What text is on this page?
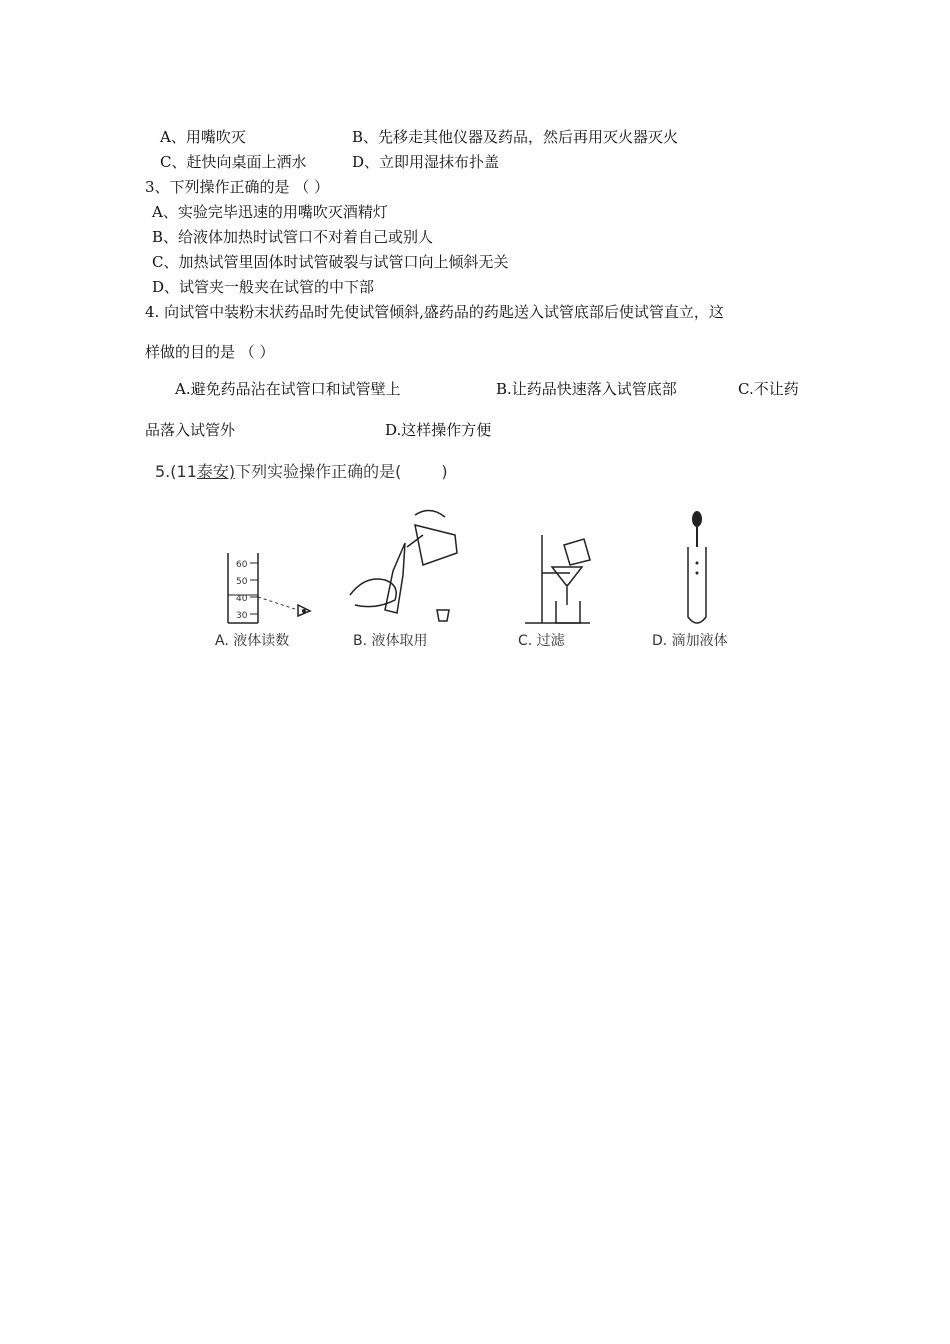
A、用嘴吹灭	B、先移走其他仪器及药品，然后再用灭火器灭火
C、赶快向桌面上洒水	D、立即用湿抹布扑盖
3、下列操作正确的是 （ ）
A、实验完毕迅速的用嘴吹灭酒精灯
B、给液体加热时试管口不对着自己或别人
C、加热试管里固体时试管破裂与试管口向上倾斜无关
D、试管夹一般夹在试管的中下部
4. 向试管中装粉末状药品时先使试管倾斜,盛药品的药匙送入试管底部后使试管直立，这
样做的目的是 （ ）
A.避免药品沾在试管口和试管壁上	B.让药品快速落入试管底部	C.不让药
品落入试管外	D.这样操作方便
5.(11泰安)下列实验操作正确的是(	)
60
50
40
30
A. 液体读数	B. 液体取用	C. 过滤	D. 滴加液体
